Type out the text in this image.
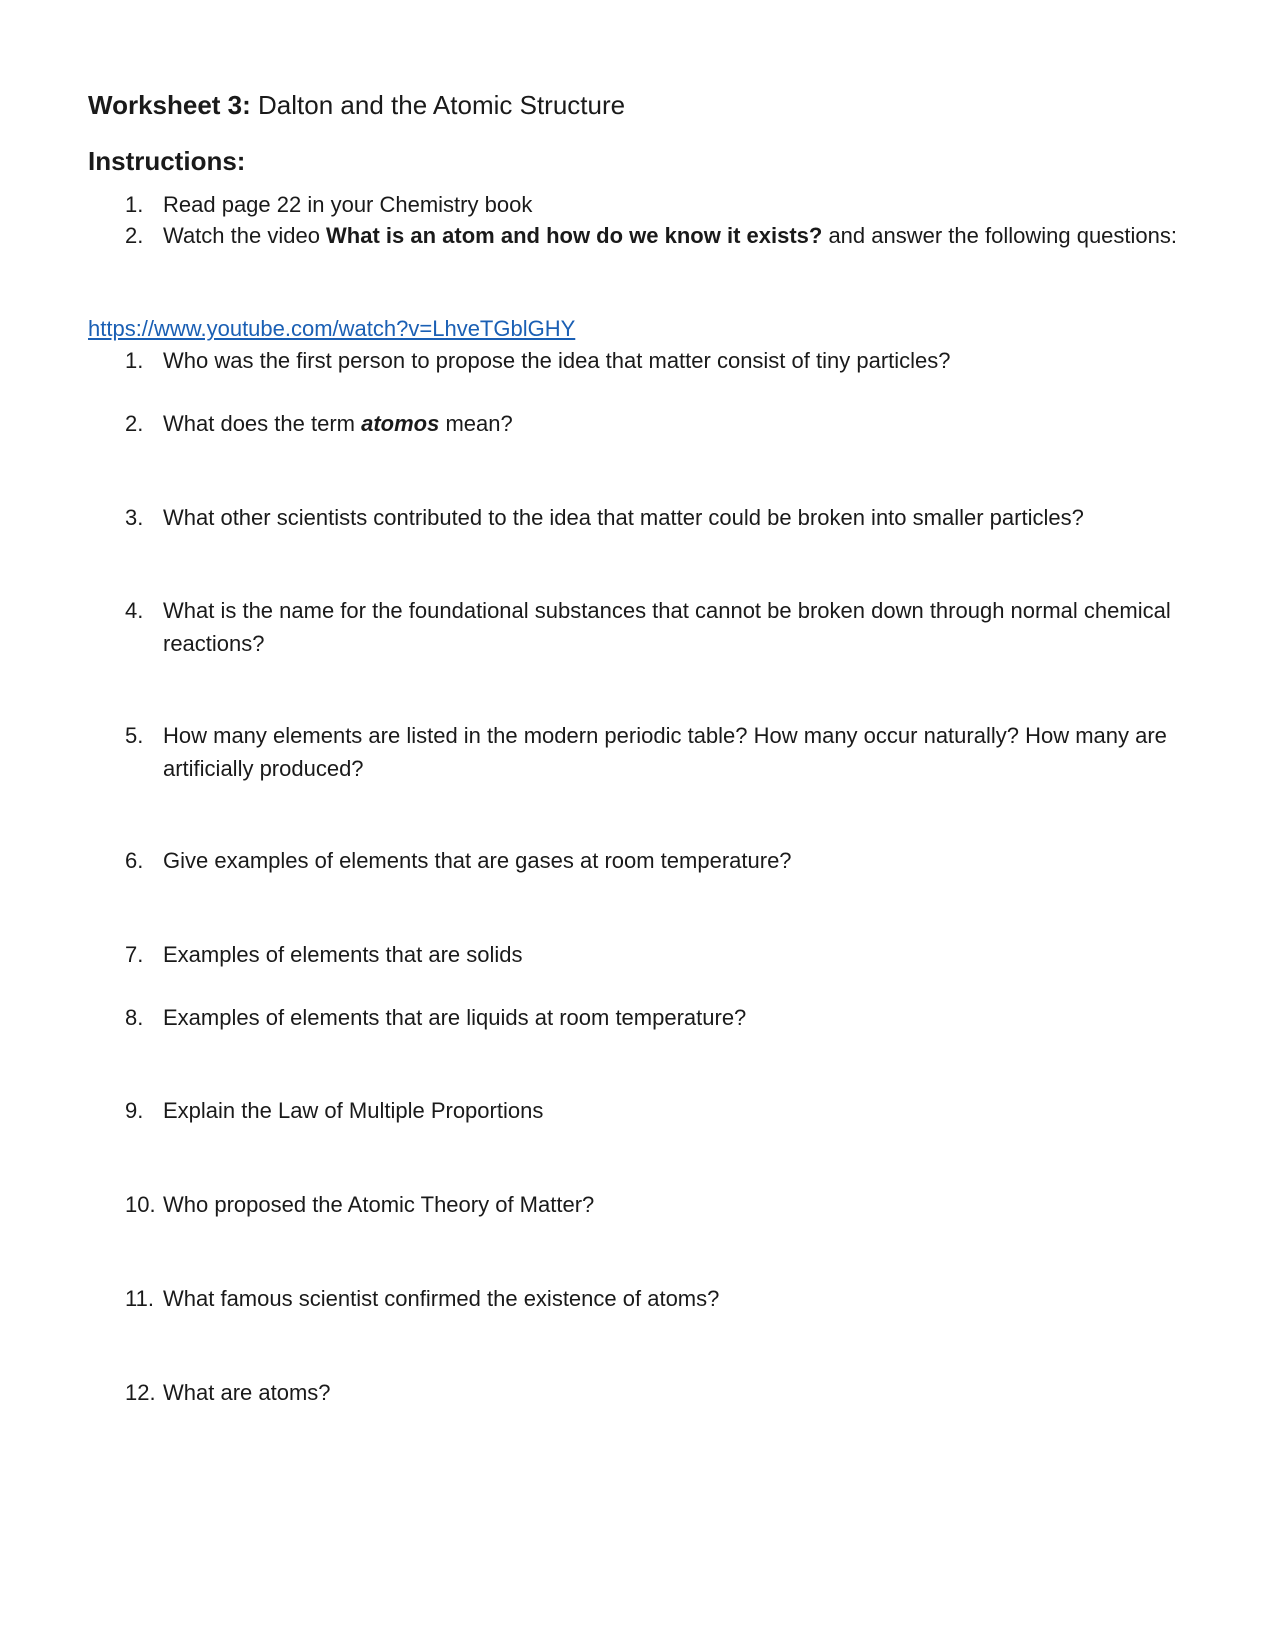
Worksheet 3: Dalton and the Atomic Structure
Instructions:
1. Read page 22 in your Chemistry book
2. Watch the video What is an atom and how do we know it exists? and answer the following questions:
https://www.youtube.com/watch?v=LhveTGblGHY
1. Who was the first person to propose the idea that matter consist of tiny particles?
2. What does the term atomos mean?
3. What other scientists contributed to the idea that matter could be broken into smaller particles?
4. What is the name for the foundational substances that cannot be broken down through normal chemical reactions?
5. How many elements are listed in the modern periodic table? How many occur naturally? How many are artificially produced?
6. Give examples of elements that are gases at room temperature?
7. Examples of elements that are solids
8. Examples of elements that are liquids at room temperature?
9. Explain the Law of Multiple Proportions
10. Who proposed the Atomic Theory of Matter?
11. What famous scientist confirmed the existence of atoms?
12. What are atoms?
